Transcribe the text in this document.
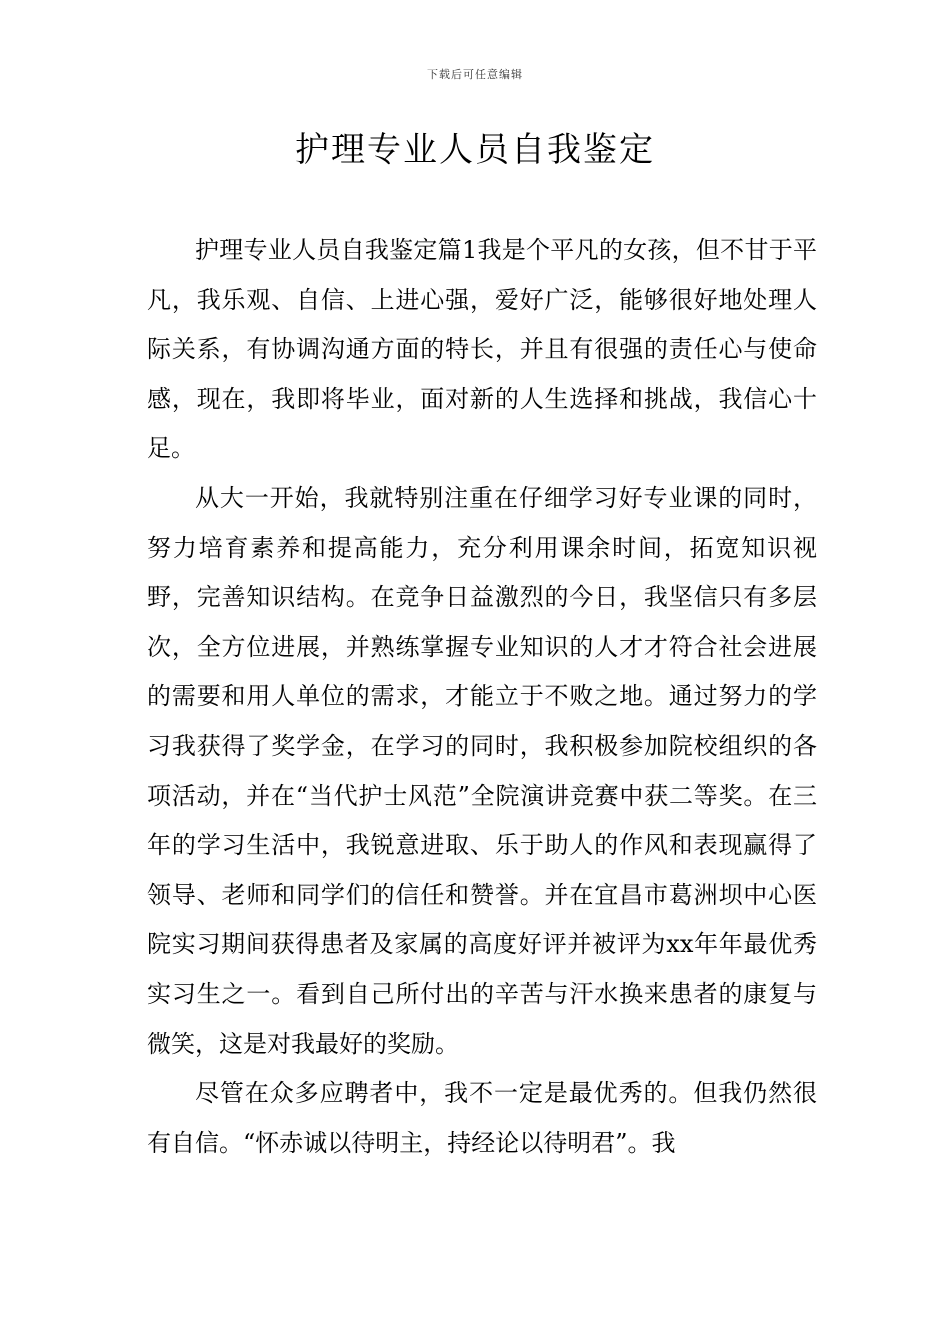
下载后可任意编辑
护理专业人员自我鉴定

护理专业人员自我鉴定篇1我是个平凡的女孩，但不甘于平凡，我乐观、自信、上进心强，爱好广泛，能够很好地处理人际关系，有协调沟通方面的特长，并且有很强的责任心与使命感，现在，我即将毕业，面对新的人生选择和挑战，我信心十足。

从大一开始，我就特别注重在仔细学习好专业课的同时，努力培育素养和提高能力，充分利用课余时间，拓宽知识视野，完善知识结构。在竞争日益激烈的今日，我坚信只有多层次，全方位进展，并熟练掌握专业知识的人才才符合社会进展的需要和用人单位的需求，才能立于不败之地。通过努力的学习我获得了奖学金，在学习的同时，我积极参加院校组织的各项活动，并在“当代护士风范”全院演讲竞赛中获二等奖。在三年的学习生活中，我锐意进取、乐于助人的作风和表现赢得了领导、老师和同学们的信任和赞誉。并在宜昌市葛洲坝中心医院实习期间获得患者及家属的高度好评并被评为xx年年最优秀实习生之一。看到自己所付出的辛苦与汗水换来患者的康复与微笑，这是对我最好的奖励。

尽管在众多应聘者中，我不一定是最优秀的。但我仍然很有自信。“怀赤诚以待明主，持经论以待明君”。我
